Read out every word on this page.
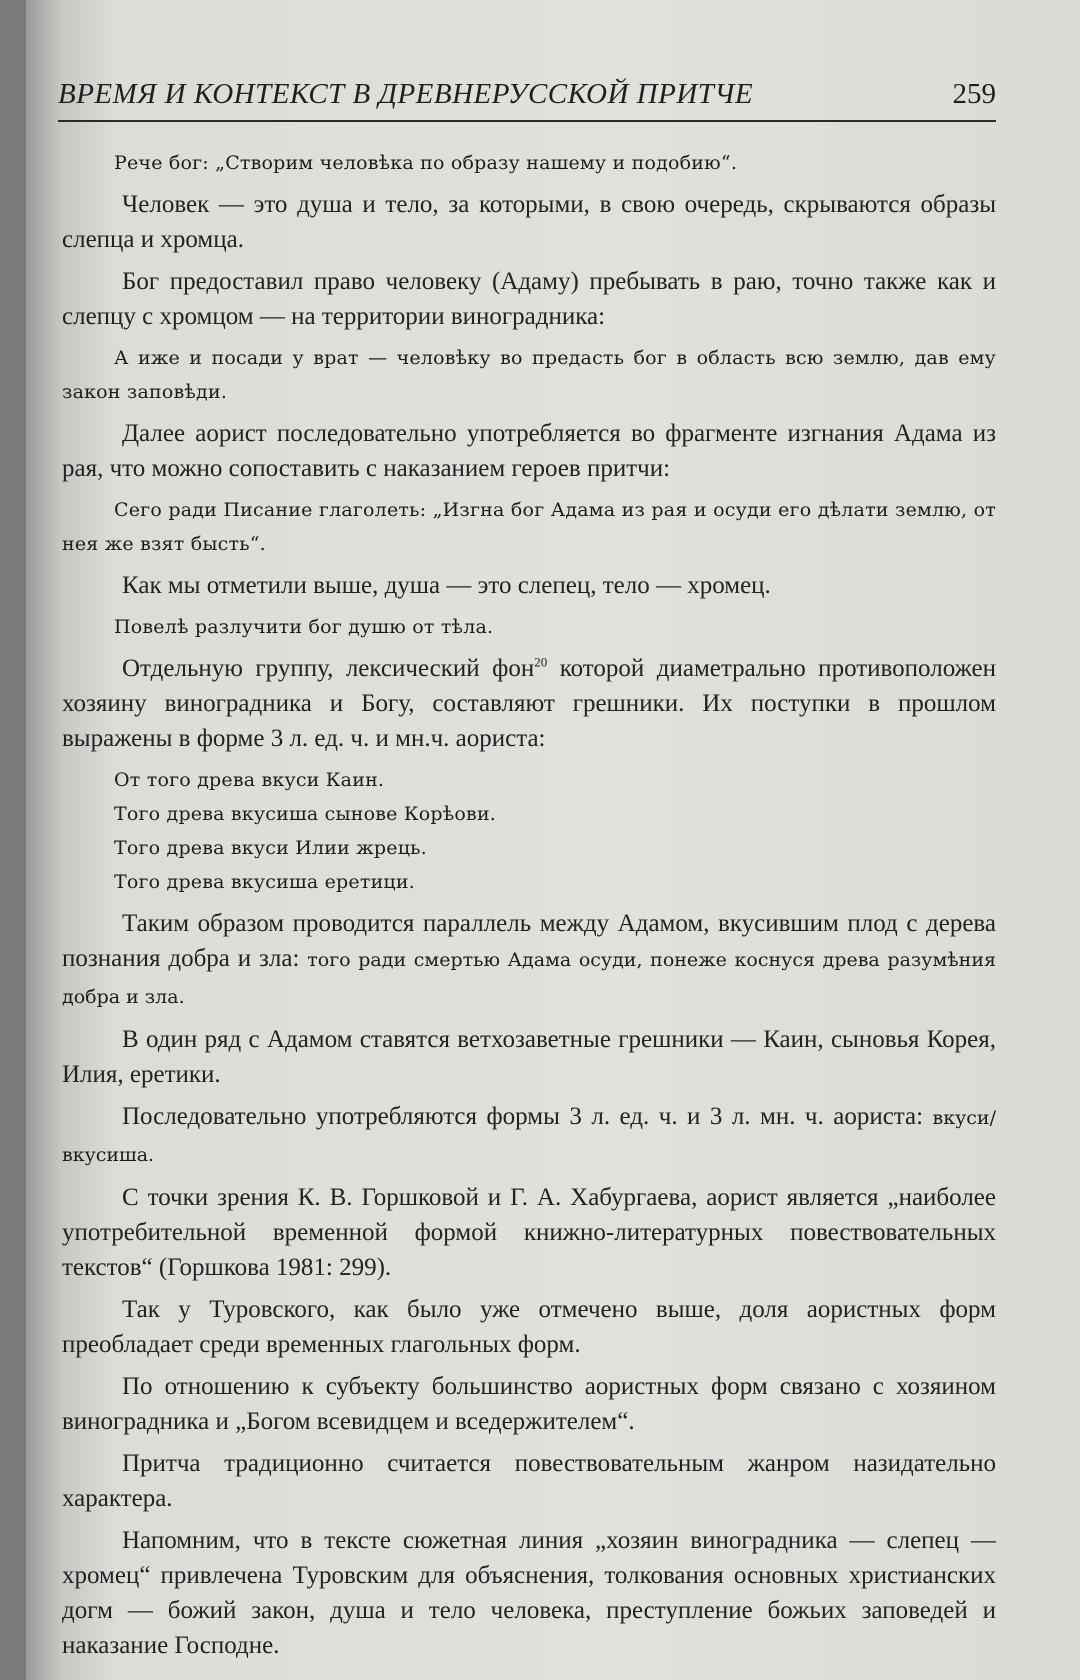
ВРЕМЯ И КОНТЕКСТ В ДРЕВНЕРУССКОЙ ПРИТЧЕ	259

Рече бог: „Створим человѣка по образу нашему и подобию“.

Человек — это душа и тело, за которыми, в свою очередь, скрываются образы слепца и хромца.

Бог предоставил право человеку (Адаму) пребывать в раю, точно также как и слепцу с хромцом — на территории виноградника:

А иже и посади у врат — человѣку во предасть бог в область всю землю, дав ему закон заповѣди.

Далее аорист последовательно употребляется во фрагменте изгнания Адама из рая, что можно сопоставить с наказанием героев притчи:

Сего ради Писание глаголеть: „Изгна бог Адама из рая и осуди его дѣлати землю, от нея же взят бысть“.

Как мы отметили выше, душа — это слепец, тело — хромец.

Повелѣ разлучити бог душю от тѣла.

Отдельную группу, лексический фон$^{20}$ которой диаметрально противоположен хозяину виноградника и Богу, составляют грешники. Их поступки в прошлом выражены в форме 3 л. ед. ч. и мн.ч. аориста:

От того древа вкуси Каин.

Того древа вкусиша сынове Корѣови.

Того древа вкуси Илии жрець.

Того древа вкусиша еретици.

Таким образом проводится параллель между Адамом, вкусившим плод с дерева познания добра и зла: того ради смертью Адама осуди, понеже коснуся древа разумѣния добра и зла.

В один ряд с Адамом ставятся ветхозаветные грешники — Каин, сыновья Корея, Илия, еретики.

Последовательно употребляются формы 3 л. ед. ч. и 3 л. мн. ч. аориста: вкуси/ вкусиша.

С точки зрения К. В. Горшковой и Г. А. Хабургаева, аорист является „наиболее употребительной временной формой книжно-литературных повествовательных текстов“ (Горшкова 1981: 299).

Так у Туровского, как было уже отмечено выше, доля аористных форм преобладает среди временных глагольных форм.

По отношению к субъекту большинство аористных форм связано с хозяином виноградника и „Богом всевидцем и вседержителем“.

Притча традиционно считается повествовательным жанром назидательно характера.

Напомним, что в тексте сюжетная линия „хозяин виноградника — слепец — хромец“ привлечена Туровским для объяснения, толкования основных христианских догм — божий закон, душа и тело человека, преступление божьих заповедей и наказание Господне.
